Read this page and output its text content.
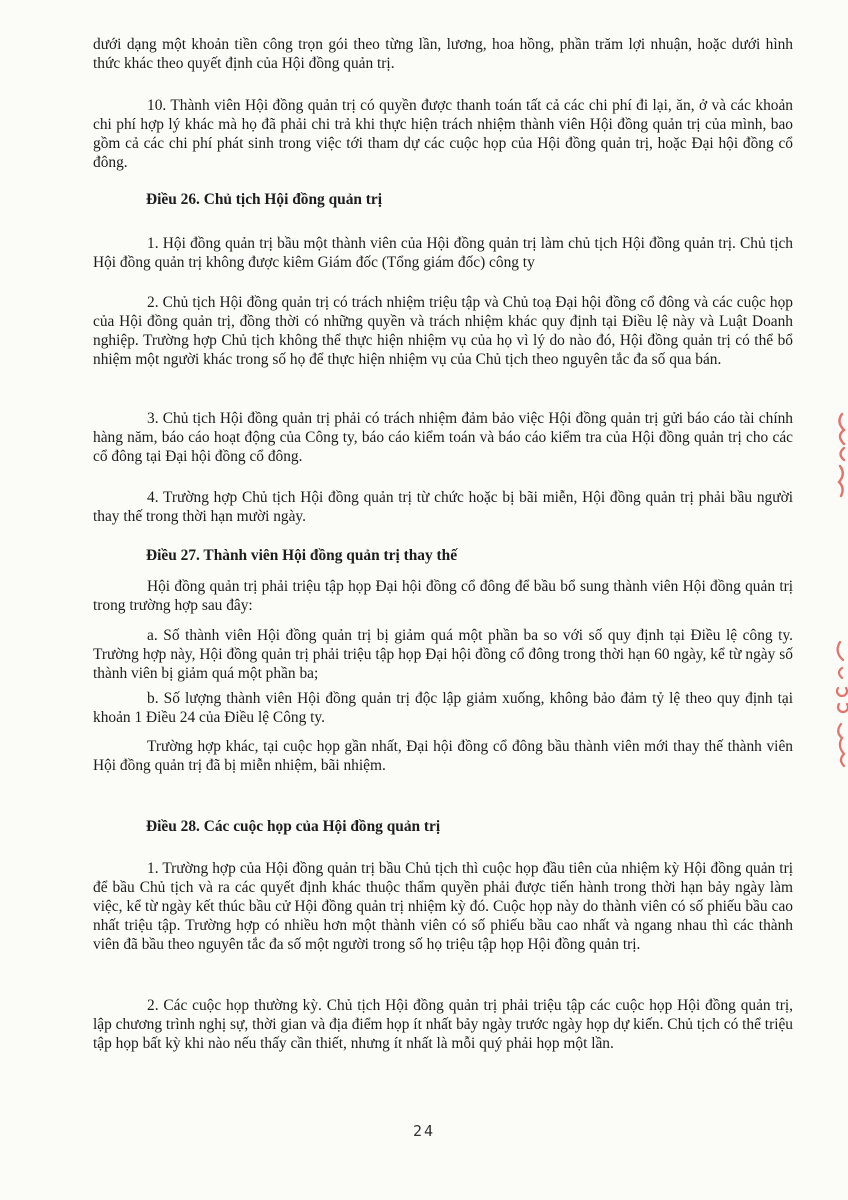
dưới dạng một khoản tiền công trọn gói theo từng lần, lương, hoa hồng, phần trăm lợi nhuận, hoặc dưới hình thức khác theo quyết định của Hội đồng quản trị.
10. Thành viên Hội đồng quản trị có quyền được thanh toán tất cả các chi phí đi lại, ăn, ở và các khoản chi phí hợp lý khác mà họ đã phải chi trả khi thực hiện trách nhiệm thành viên Hội đồng quản trị của mình, bao gồm cả các chi phí phát sinh trong việc tới tham dự các cuộc họp của Hội đồng quản trị, hoặc Đại hội đồng cổ đông.
Điều 26. Chủ tịch Hội đồng quản trị
1. Hội đồng quản trị bầu một thành viên của Hội đồng quản trị làm chủ tịch Hội đồng quản trị. Chủ tịch Hội đồng quản trị không được kiêm Giám đốc (Tổng giám đốc) công ty
2. Chủ tịch Hội đồng quản trị có trách nhiệm triệu tập và Chủ toạ Đại hội đồng cổ đông và các cuộc họp của Hội đồng quản trị, đồng thời có những quyền và trách nhiệm khác quy định tại Điều lệ này và Luật Doanh nghiệp. Trường hợp Chủ tịch không thể thực hiện nhiệm vụ của họ vì lý do nào đó, Hội đồng quản trị có thể bổ nhiệm một người khác trong số họ để thực hiện nhiệm vụ của Chủ tịch theo nguyên tắc đa số qua bán.
3. Chủ tịch Hội đồng quản trị phải có trách nhiệm đảm bảo việc Hội đồng quản trị gửi báo cáo tài chính hàng năm, báo cáo hoạt động của Công ty, báo cáo kiểm toán và báo cáo kiểm tra của Hội đồng quản trị cho các cổ đông tại Đại hội đồng cổ đông.
4. Trường hợp Chủ tịch Hội đồng quản trị từ chức hoặc bị bãi miễn, Hội đồng quản trị phải bầu người thay thế trong thời hạn mười ngày.
Điều 27. Thành viên Hội đồng quản trị thay thế
Hội đồng quản trị phải triệu tập họp Đại hội đồng cổ đông để bầu bổ sung thành viên Hội đồng quản trị trong trường hợp sau đây:
a. Số thành viên Hội đồng quản trị bị giảm quá một phần ba so với số quy định tại Điều lệ công ty. Trường hợp này, Hội đồng quản trị phải triệu tập họp Đại hội đồng cổ đông trong thời hạn 60 ngày, kể từ ngày số thành viên bị giảm quá một phần ba;
b. Số lượng thành viên Hội đồng quản trị độc lập giảm xuống, không bảo đảm tỷ lệ theo quy định tại khoản 1 Điều 24 của Điều lệ Công ty.
Trường hợp khác, tại cuộc họp gần nhất, Đại hội đồng cổ đông bầu thành viên mới thay thế thành viên Hội đồng quản trị đã bị miễn nhiệm, bãi nhiệm.
Điều 28. Các cuộc họp của Hội đồng quản trị
1. Trường hợp của Hội đồng quản trị bầu Chủ tịch thì cuộc họp đầu tiên của nhiệm kỳ Hội đồng quản trị để bầu Chủ tịch và ra các quyết định khác thuộc thẩm quyền phải được tiến hành trong thời hạn bảy ngày làm việc, kể từ ngày kết thúc bầu cử Hội đồng quản trị nhiệm kỳ đó. Cuộc họp này do thành viên có số phiếu bầu cao nhất triệu tập. Trường hợp có nhiều hơn một thành viên có số phiếu bầu cao nhất và ngang nhau thì các thành viên đã bầu theo nguyên tắc đa số một người trong số họ triệu tập họp Hội đồng quản trị.
2. Các cuộc họp thường kỳ. Chủ tịch Hội đồng quản trị phải triệu tập các cuộc họp Hội đồng quản trị, lập chương trình nghị sự, thời gian và địa điểm họp ít nhất bảy ngày trước ngày họp dự kiến. Chủ tịch có thể triệu tập họp bất kỳ khi nào nếu thấy cần thiết, nhưng ít nhất là mỗi quý phải họp một lần.
24
